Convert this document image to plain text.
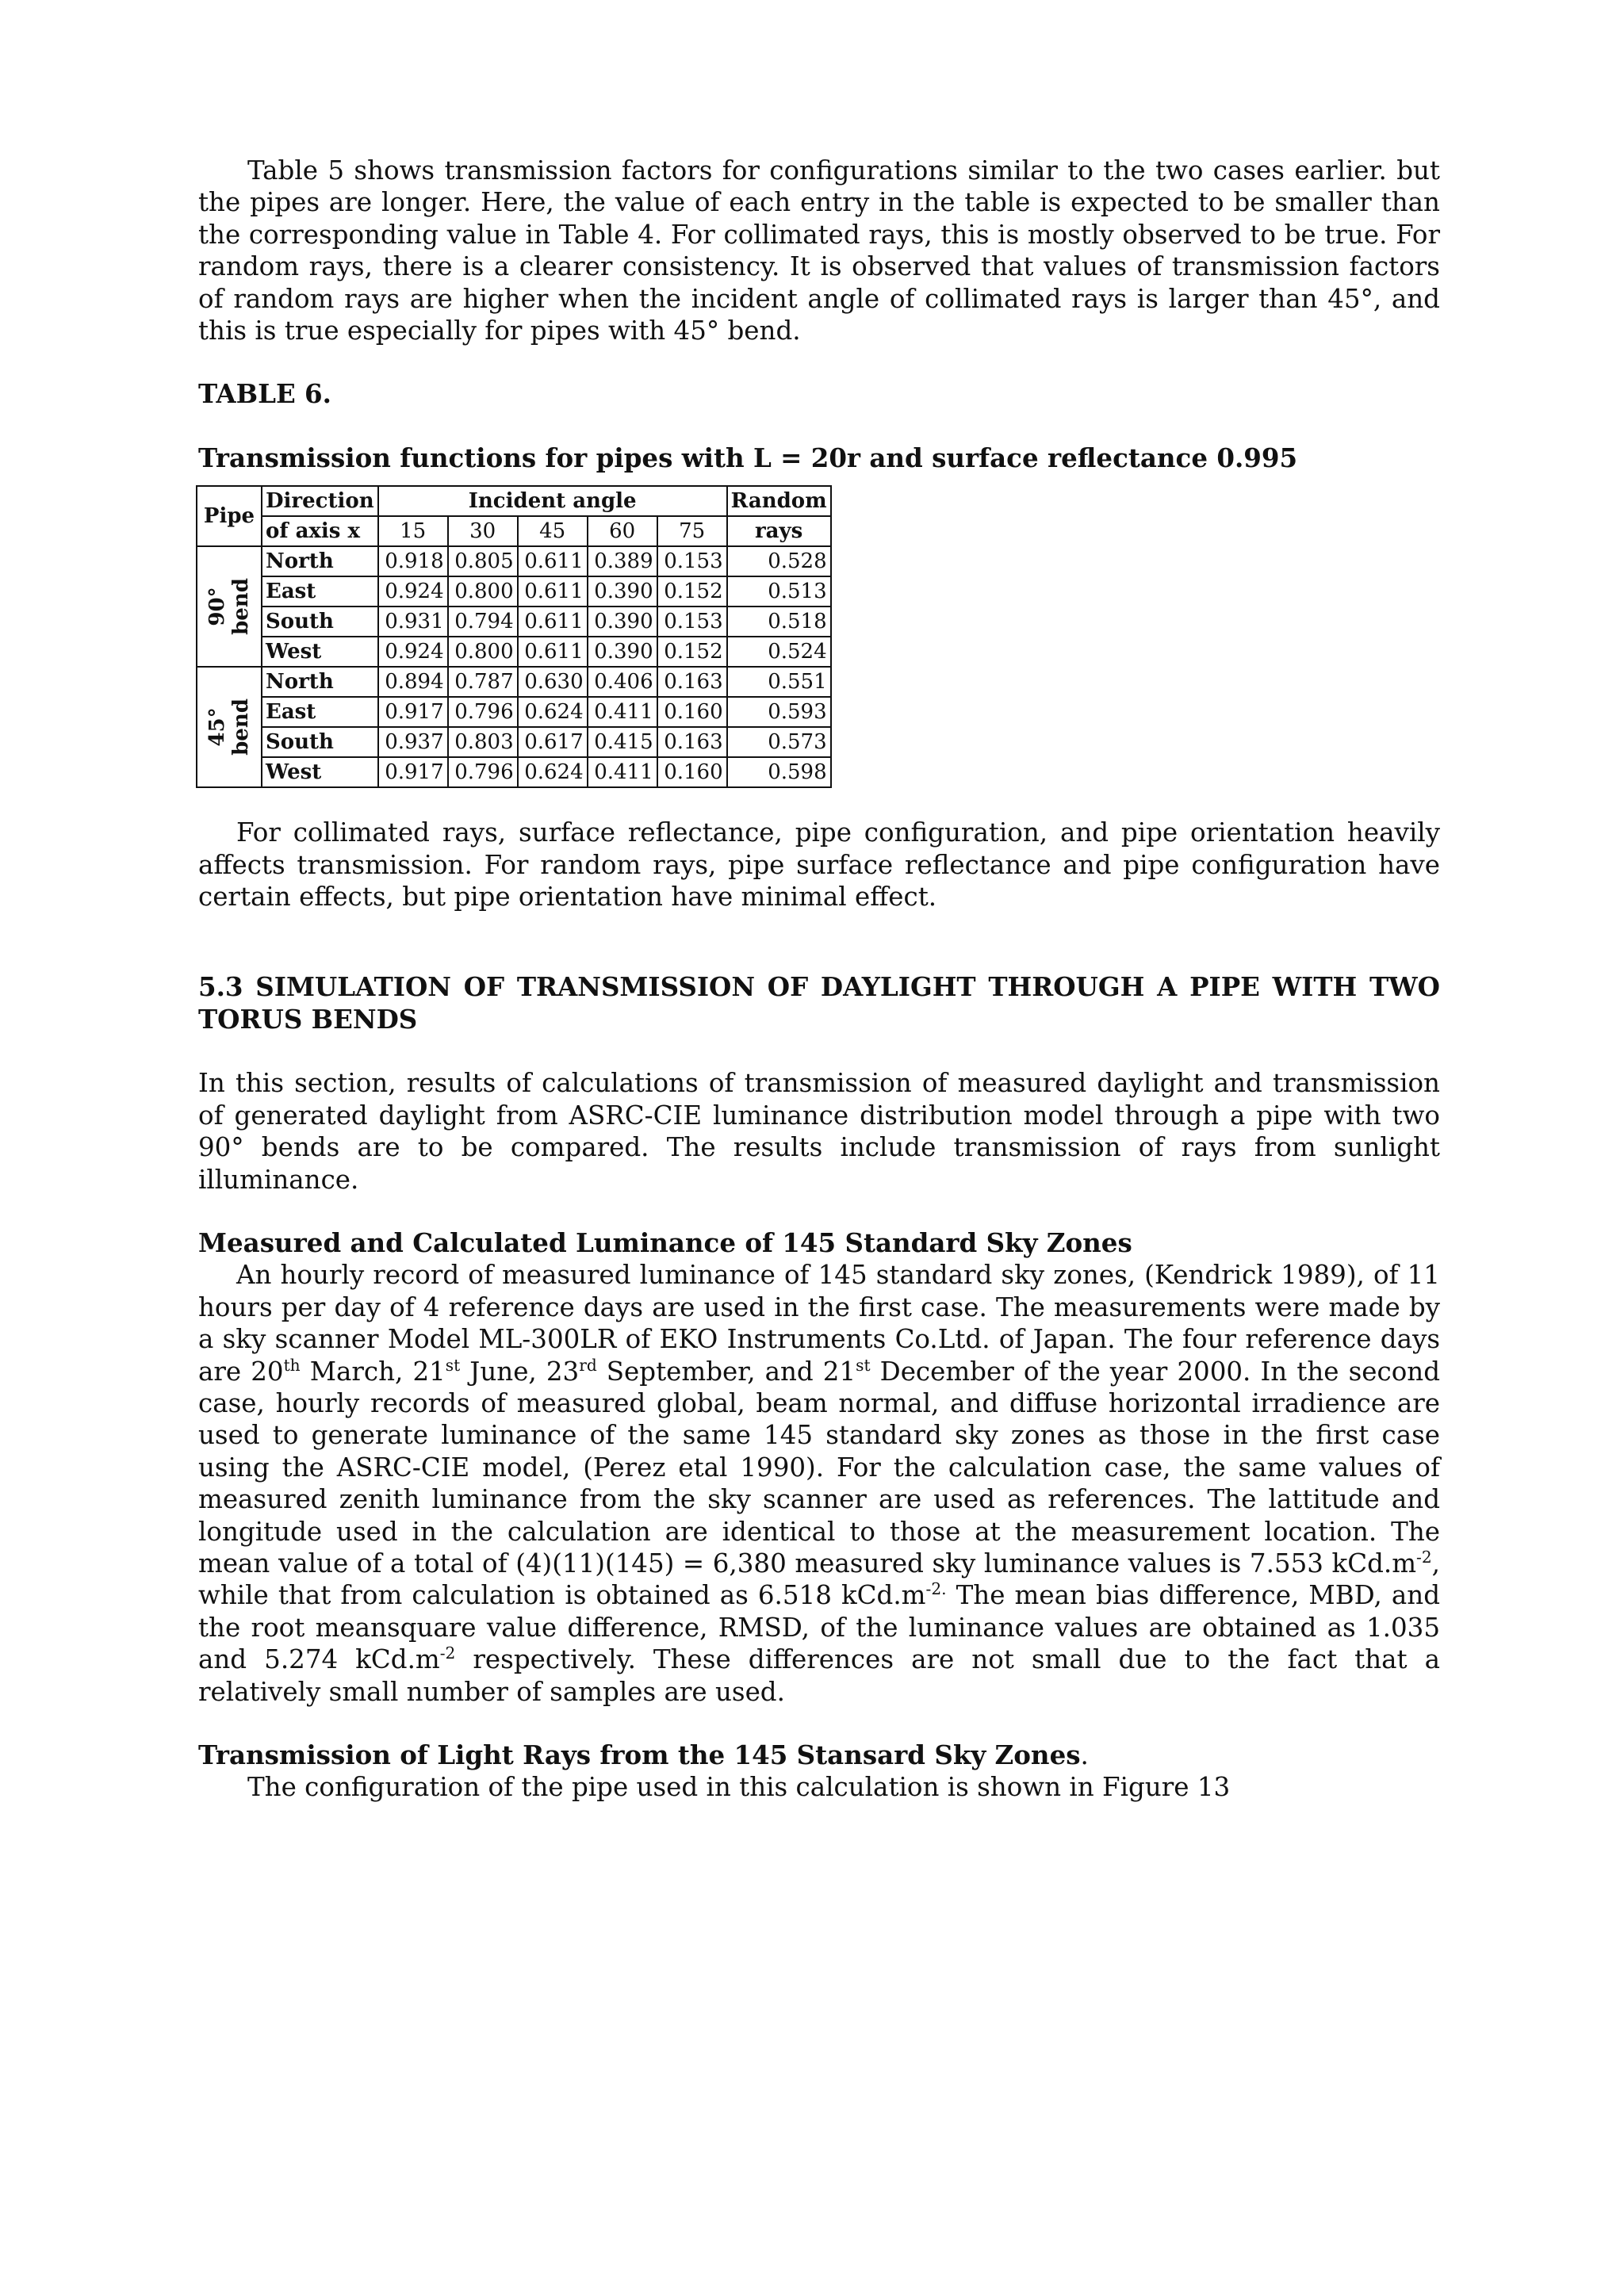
Table 5 shows transmission factors for configurations similar to the two cases earlier. but the pipes are longer. Here, the value of each entry in the table is expected to be smaller than the corresponding value in Table 4. For collimated rays, this is mostly observed to be true. For random rays, there is a clearer consistency. It is observed that values of transmission factors of random rays are higher when the incident angle of collimated rays is larger than 45°, and this is true especially for pipes with 45° bend.

TABLE 6.

Transmission functions for pipes with L = 20r and surface reflectance 0.995

Pipe	Direction	Incident angle					Random
	of axis x	15	30	45	60	75	rays

90° bend	North	0.918	0.805	0.611	0.389	0.153	0.528
	East	0.924	0.800	0.611	0.390	0.152	0.513
	South	0.931	0.794	0.611	0.390	0.153	0.518
	West	0.924	0.800	0.611	0.390	0.152	0.524

45° bend	North	0.894	0.787	0.630	0.406	0.163	0.551
	East	0.917	0.796	0.624	0.411	0.160	0.593
	South	0.937	0.803	0.617	0.415	0.163	0.573
	West	0.917	0.796	0.624	0.411	0.160	0.598

For collimated rays, surface reflectance, pipe configuration, and pipe orientation heavily affects transmission. For random rays, pipe surface reflectance and pipe configuration have certain effects, but pipe orientation have minimal effect.

5.3 SIMULATION OF TRANSMISSION OF DAYLIGHT THROUGH A PIPE WITH TWO TORUS BENDS

In this section, results of calculations of transmission of measured daylight and transmission of generated daylight from ASRC-CIE luminance distribution model through a pipe with two 90° bends are to be compared. The results include transmission of rays from sunlight illuminance.

Measured and Calculated Luminance of 145 Standard Sky Zones

An hourly record of measured luminance of 145 standard sky zones, (Kendrick 1989), of 11 hours per day of 4 reference days are used in the first case. The measurements were made by a sky scanner Model ML-300LR of EKO Instruments Co.Ltd. of Japan. The four reference days are 20th March, 21st June, 23rd September, and 21st December of the year 2000. In the second case, hourly records of measured global, beam normal, and diffuse horizontal irradience are used to generate luminance of the same 145 standard sky zones as those in the first case using the ASRC-CIE model, (Perez etal 1990). For the calculation case, the same values of measured zenith luminance from the sky scanner are used as references. The lattitude and longitude used in the calculation are identical to those at the measurement location. The mean value of a total of (4)(11)(145) = 6,380 measured sky luminance values is 7.553 $kCd.m^{-2}$, while that from calculation is obtained as 6.518 $kCd.m^{-2.}$ The mean bias difference, MBD, and the root meansquare value difference, RMSD, of the luminance values are obtained as 1.035 and 5.274 $kCd.m^{-2}$ respectively. These differences are not small due to the fact that a relatively small number of samples are used.

Transmission of Light Rays from the 145 Stansard Sky Zones.

The configuration of the pipe used in this calculation is shown in Figure 13
